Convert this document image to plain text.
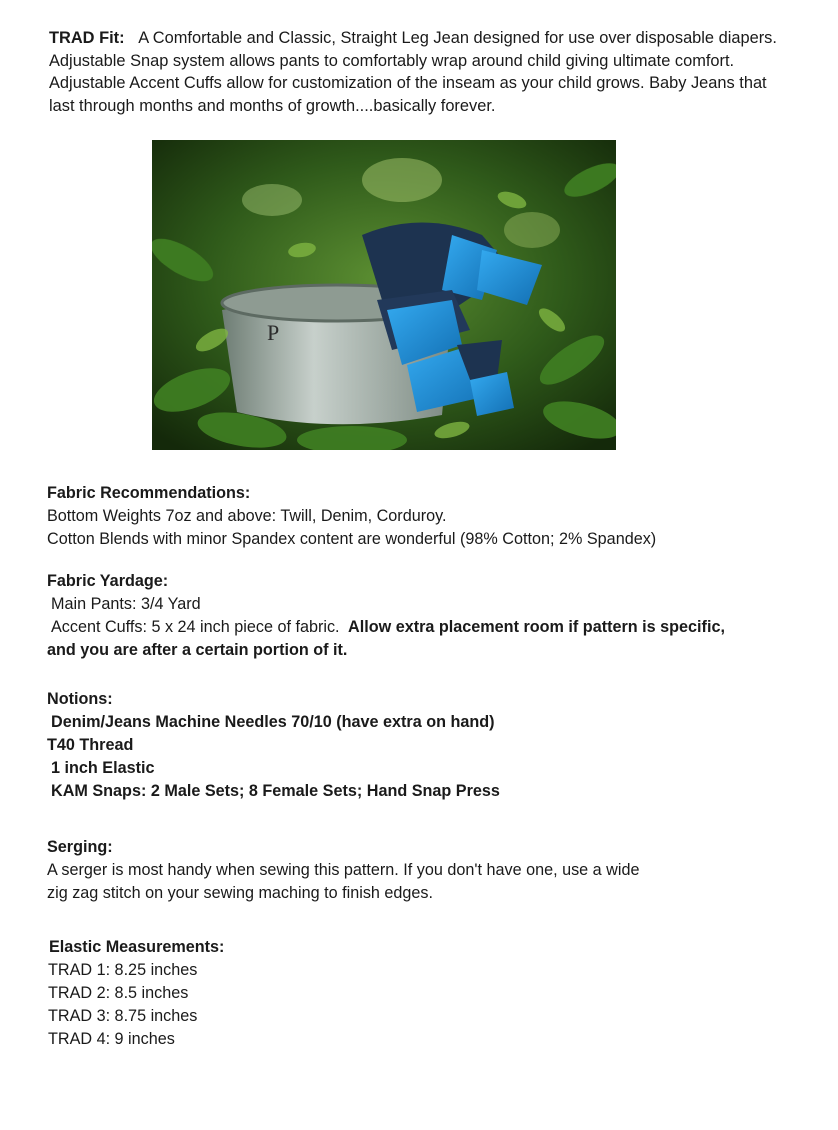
TRAD Fit: A Comfortable and Classic, Straight Leg Jean designed for use over disposable diapers. Adjustable Snap system allows pants to comfortably wrap around child giving ultimate comfort. Adjustable Accent Cuffs allow for customization of the inseam as your child grows. Baby Jeans that last through months and months of growth....basically forever.
P
Fabric Recommendations:
Bottom Weights 7oz and above: Twill, Denim, Corduroy.
Cotton Blends with minor Spandex content are wonderful (98% Cotton; 2% Spandex)
Fabric Yardage:
Main Pants: 3/4 Yard
Accent Cuffs: 5 x 24 inch piece of fabric. Allow extra placement room if pattern is specific,
and you are after a certain portion of it.
Notions:
Denim/Jeans Machine Needles 70/10 (have extra on hand)
T40 Thread
1 inch Elastic
KAM Snaps: 2 Male Sets; 8 Female Sets; Hand Snap Press
Serging:
A serger is most handy when sewing this pattern. If you don't have one, use a wide
zig zag stitch on your sewing maching to finish edges.
Elastic Measurements:
TRAD 1: 8.25 inches
TRAD 2: 8.5 inches
TRAD 3: 8.75 inches
TRAD 4: 9 inches
